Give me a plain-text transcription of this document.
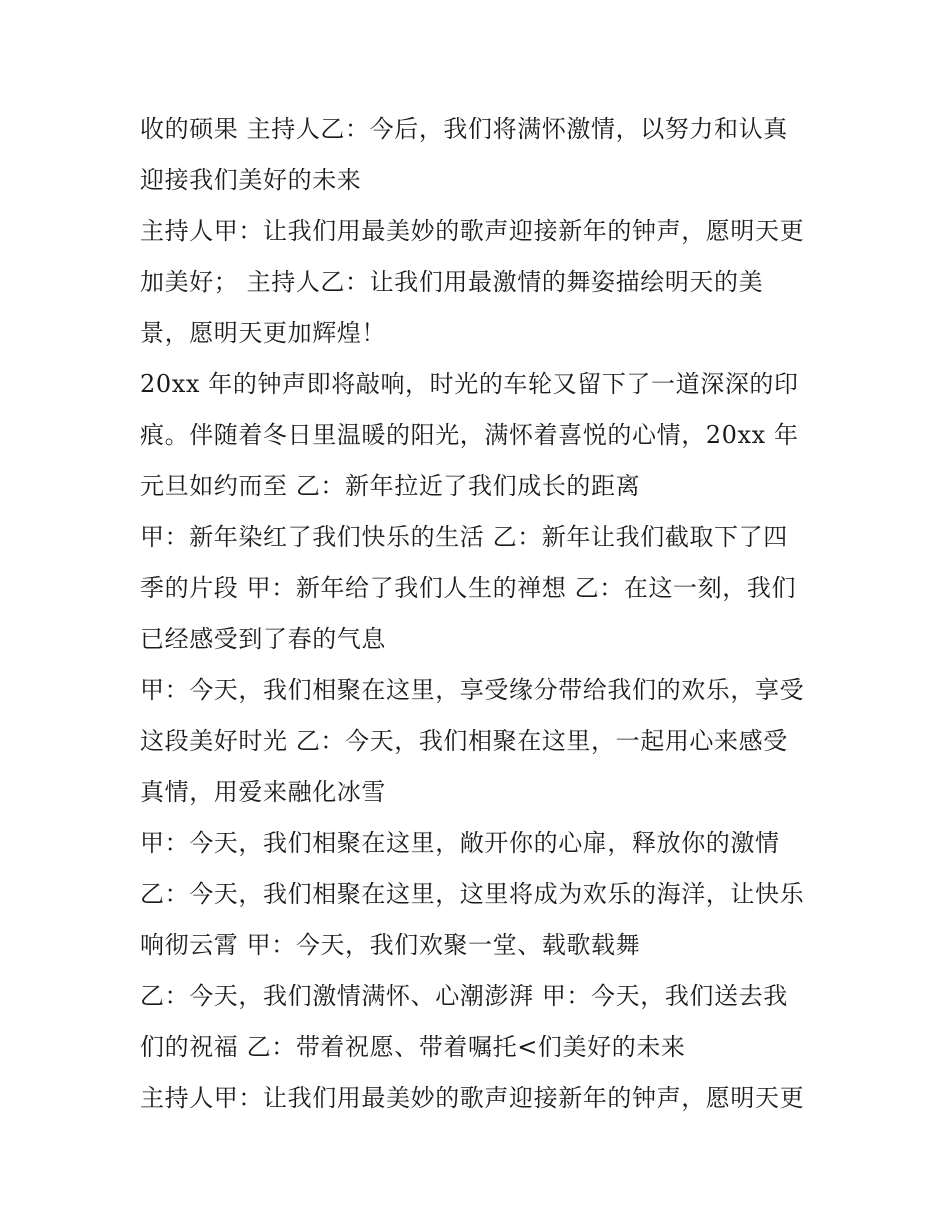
收的硕果 主持人乙：今后，我们将满怀激情，以努力和认真
迎接我们美好的未来
主持人甲：让我们用最美妙的歌声迎接新年的钟声，愿明天更
加美好； 主持人乙：让我们用最激情的舞姿描绘明天的美
景，愿明天更加辉煌！
20xx 年的钟声即将敲响，时光的车轮又留下了一道深深的印
痕。伴随着冬日里温暖的阳光，满怀着喜悦的心情，20xx 年
元旦如约而至 乙：新年拉近了我们成长的距离
甲：新年染红了我们快乐的生活 乙：新年让我们截取下了四
季的片段 甲：新年给了我们人生的禅想 乙：在这一刻，我们
已经感受到了春的气息
甲：今天，我们相聚在这里，享受缘分带给我们的欢乐，享受
这段美好时光 乙：今天，我们相聚在这里，一起用心来感受
真情，用爱来融化冰雪
甲：今天，我们相聚在这里，敞开你的心扉，释放你的激情
乙：今天，我们相聚在这里，这里将成为欢乐的海洋，让快乐
响彻云霄 甲：今天，我们欢聚一堂、载歌载舞
乙：今天，我们激情满怀、心潮澎湃 甲：今天，我们送去我
们的祝福 乙：带着祝愿、带着嘱托<们美好的未来
主持人甲：让我们用最美妙的歌声迎接新年的钟声，愿明天更
